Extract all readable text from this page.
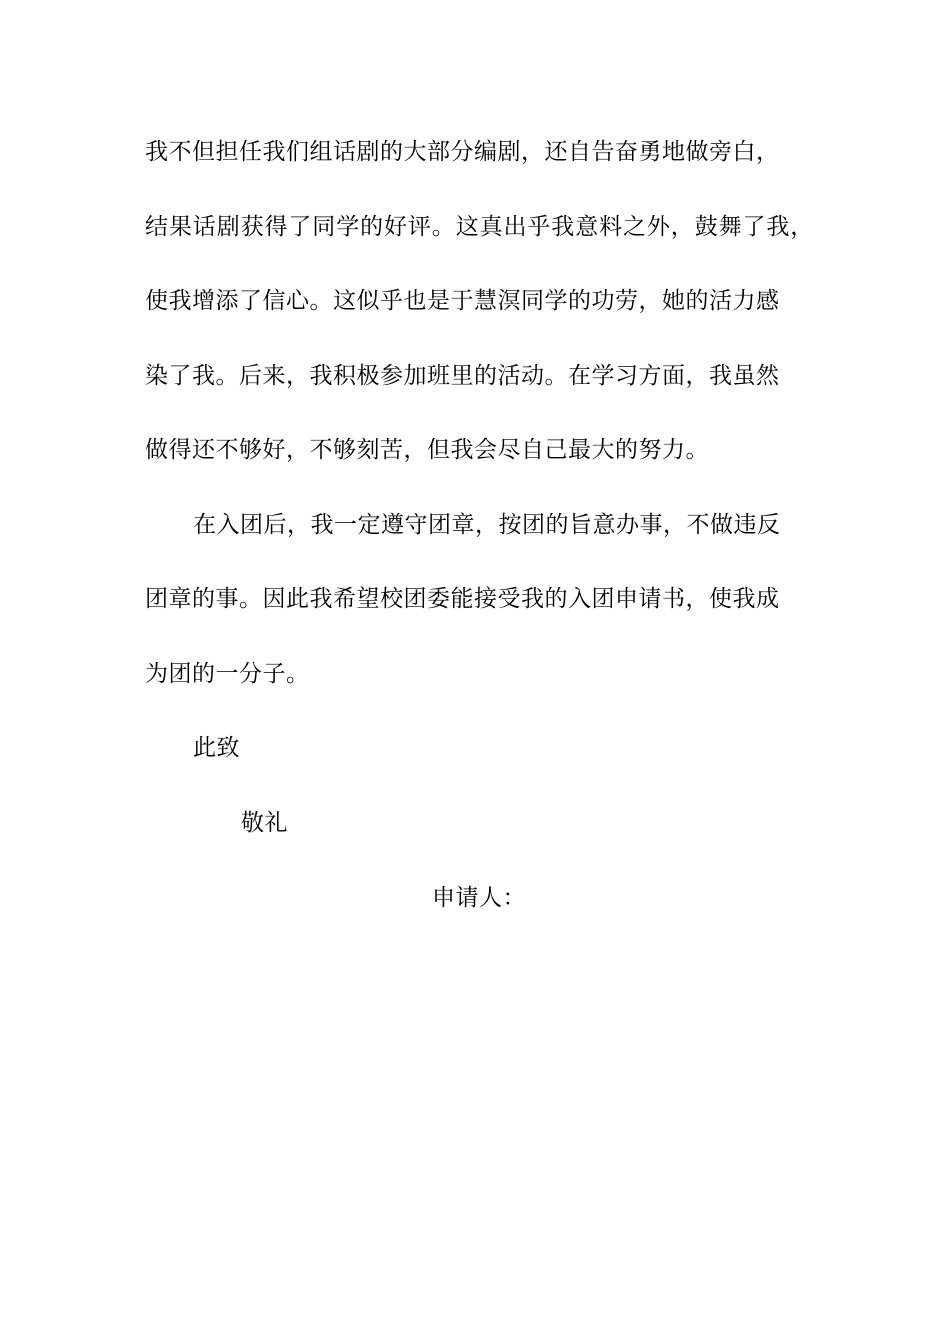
我不但担任我们组话剧的大部分编剧，还自告奋勇地做旁白，
结果话剧获得了同学的好评。这真出乎我意料之外，鼓舞了我，
使我增添了信心。这似乎也是于慧溟同学的功劳，她的活力感
染了我。后来，我积极参加班里的活动。在学习方面，我虽然
做得还不够好，不够刻苦，但我会尽自己最大的努力。
在入团后，我一定遵守团章，按团的旨意办事，不做违反
团章的事。因此我希望校团委能接受我的入团申请书，使我成
为团的一分子。
此致
敬礼
申请人：
